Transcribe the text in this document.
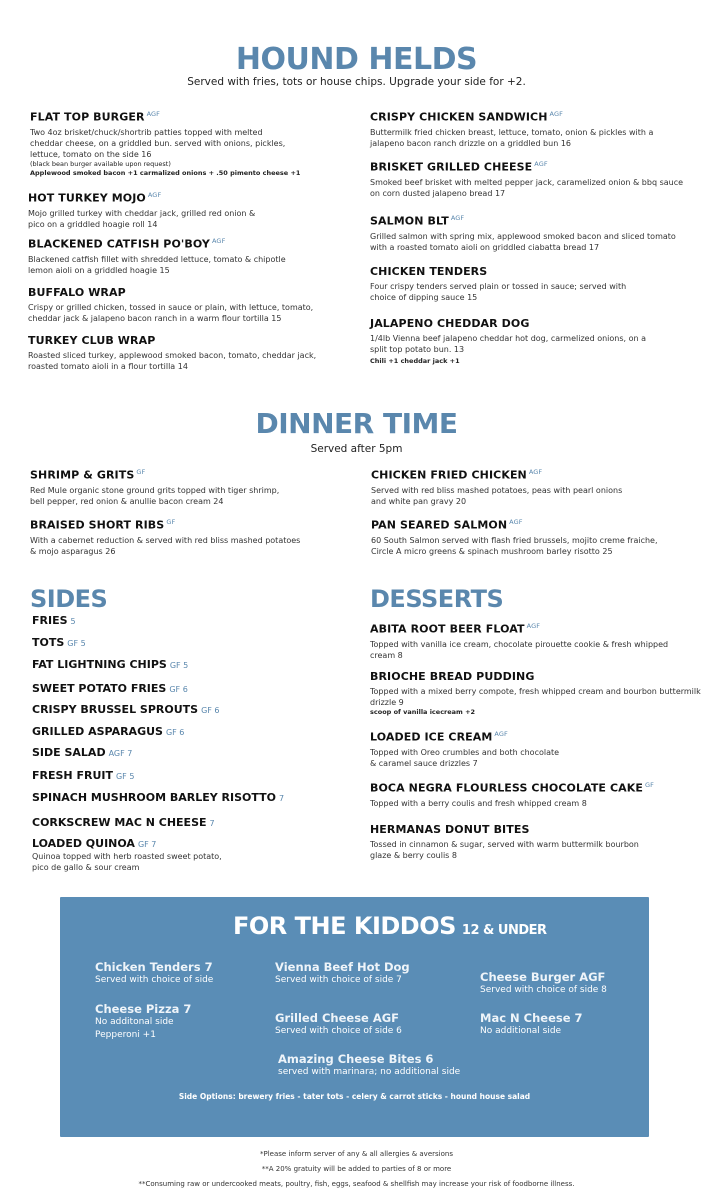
HOUND HELDS
Served with fries, tots or house chips. Upgrade your side for +2.
FLAT TOP BURGER $^{AGF}$
Two 4oz brisket/chuck/shortrib patties topped with melted
cheddar cheese, on a griddled bun. served with onions, pickles,
lettuce, tomato on the side 16
(black bean burger available upon request)
Applewood smoked bacon +1 carmalized onions + .50 pimento cheese +1
HOT TURKEY MOJO $^{AGF}$
Mojo grilled turkey with cheddar jack, grilled red onion &
pico on a griddled hoagie roll 14
BLACKENED CATFISH PO'BOY $^{AGF}$
Blackened catfish fillet with shredded lettuce, tomato & chipotle
lemon aioli on a griddled hoagie 15
BUFFALO WRAP
Crispy or grilled chicken, tossed in sauce or plain, with lettuce, tomato,
cheddar jack & jalapeno bacon ranch in a warm flour tortilla 15
TURKEY CLUB WRAP
Roasted sliced turkey, applewood smoked bacon, tomato, cheddar jack,
roasted tomato aioli in a flour tortilla 14
CRISPY CHICKEN SANDWICH $^{AGF}$
Buttermilk fried chicken breast, lettuce, tomato, onion & pickles with a
jalapeno bacon ranch drizzle on a griddled bun 16
BRISKET GRILLED CHEESE $^{AGF}$
Smoked beef brisket with melted pepper jack, caramelized onion & bbq sauce
on corn dusted jalapeno bread 17
SALMON BLT $^{AGF}$
Grilled salmon with spring mix, applewood smoked bacon and sliced tomato
with a roasted tomato aioli on griddled ciabatta bread 17
CHICKEN TENDERS
Four crispy tenders served plain or tossed in sauce; served with
choice of dipping sauce 15
JALAPENO CHEDDAR DOG
1/4lb Vienna beef jalapeno cheddar hot dog, carmelized onions, on a
split top potato bun. 13
Chili +1 cheddar jack +1
DINNER TIME
Served after 5pm
SHRIMP & GRITS $^{GF}$
Red Mule organic stone ground grits topped with tiger shrimp,
bell pepper, red onion & anullie bacon cream 24
BRAISED SHORT RIBS $^{GF}$
With a cabernet reduction & served with red bliss mashed potatoes
& mojo asparagus 26
CHICKEN FRIED CHICKEN $^{AGF}$
Served with red bliss mashed potatoes, peas with pearl onions
and white pan gravy 20
PAN SEARED SALMON $^{AGF}$
60 South Salmon served with flash fried brussels, mojito creme fraiche,
Circle A micro greens & spinach mushroom barley risotto 25
SIDES
FRIES 5
TOTS GF 5
FAT LIGHTNING CHIPS GF 5
SWEET POTATO FRIES GF 6
CRISPY BRUSSEL SPROUTS GF 6
GRILLED ASPARAGUS GF 6
SIDE SALAD AGF 7
FRESH FRUIT GF 5
SPINACH MUSHROOM BARLEY RISOTTO 7
CORKSCREW MAC N CHEESE 7
LOADED QUINOA GF 7
Quinoa topped with herb roasted sweet potato,
pico de gallo & sour cream
DESSERTS
ABITA ROOT BEER FLOAT $^{AGF}$
Topped with vanilla ice cream, chocolate pirouette cookie & fresh whipped
cream 8
BRIOCHE BREAD PUDDING
Topped with a mixed berry compote, fresh whipped cream and bourbon buttermilk
drizzle 9
scoop of vanilla icecream +2
LOADED ICE CREAM $^{AGF}$
Topped with Oreo crumbles and both chocolate
& caramel sauce drizzles 7
BOCA NEGRA FLOURLESS CHOCOLATE CAKE $^{GF}$
Topped with a berry coulis and fresh whipped cream 8
HERMANAS DONUT BITES
Tossed in cinnamon & sugar, served with warm buttermilk bourbon
glaze & berry coulis 8
FOR THE KIDDOS 12 & UNDER
Chicken Tenders 7
Served with choice of side
Cheese Pizza 7
No additonal side
Pepperoni +1
Vienna Beef Hot Dog
Served with choice of side 7
Grilled Cheese AGF
Served with choice of side 6
Amazing Cheese Bites 6
served with marinara; no additional side
Cheese Burger AGF
Served with choice of side 8
Mac N Cheese 7
No additional side
Side Options: brewery fries - tater tots - celery & carrot sticks - hound house salad
*Please inform server of any & all allergies & aversions
**A 20% gratuity will be added to parties of 8 or more
**Consuming raw or undercooked meats, poultry, fish, eggs, seafood & shellfish may increase your risk of foodborne illness.
